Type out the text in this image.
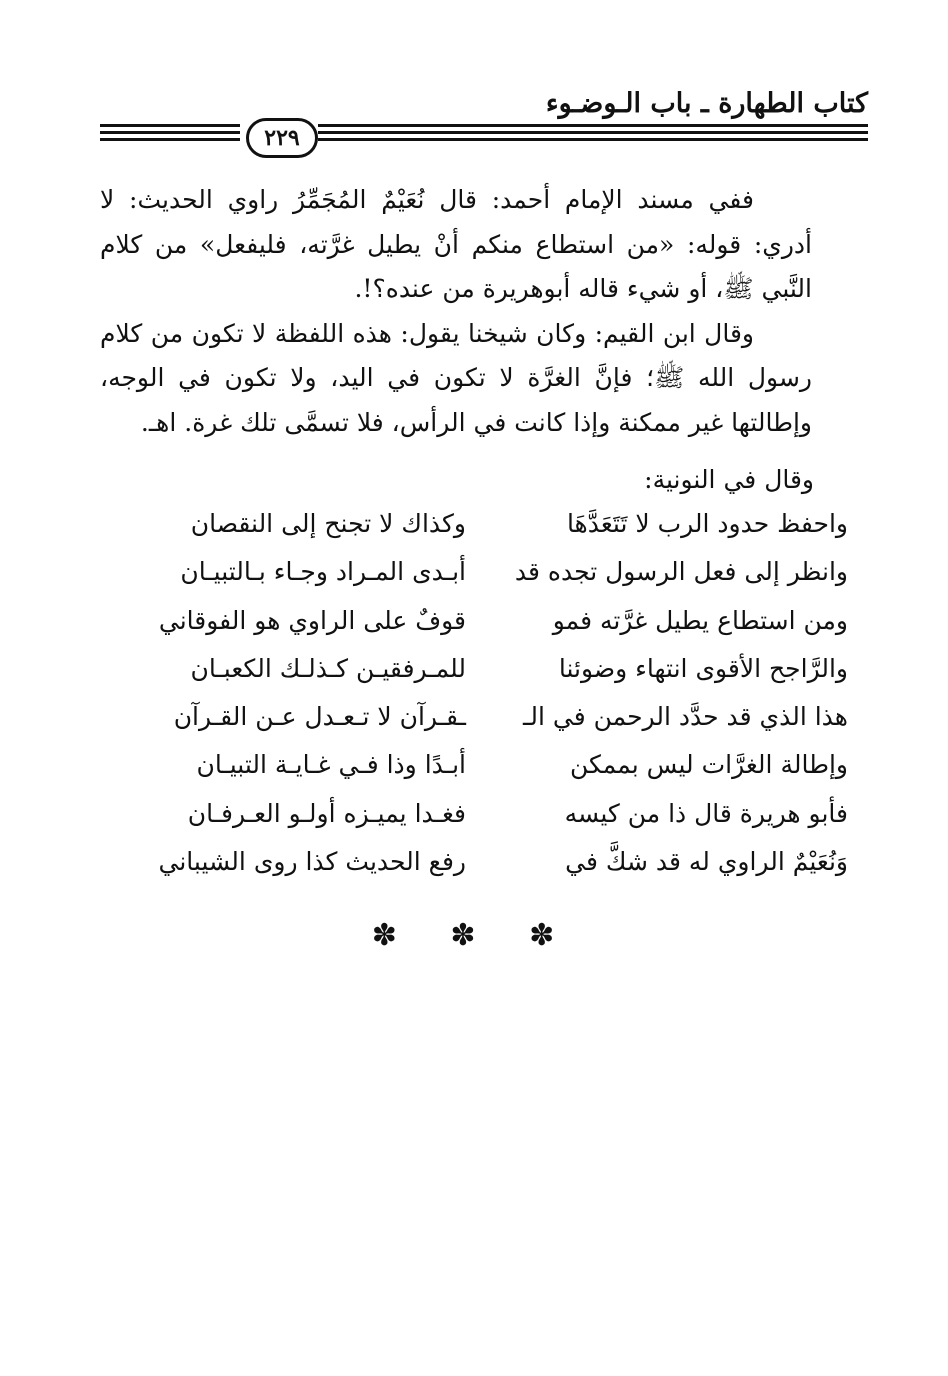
كتاب الطهارة ـ باب الـوضـوء
٢٢٩

ففي مسند الإمام أحمد: قال نُعَيْمٌ المُجَمِّرُ راوي الحديث: لا أدري: قوله: «من استطاع منكم أنْ يطيل غرَّته، فليفعل» من كلام النَّبي ﷺ، أو شيء قاله أبوهريرة من عنده؟!.

وقال ابن القيم: وكان شيخنا يقول: هذه اللفظة لا تكون من كلام رسول الله ﷺ؛ فإنَّ الغرَّة لا تكون في اليد، ولا تكون في الوجه، وإطالتها غير ممكنة وإذا كانت في الرأس، فلا تسمَّى تلك غرة. اهـ.

وقال في النونية:
واحفظ حدود الرب لا تَتَعَدَّهَا
وكذاك لا تجنح إلى النقصان
وانظر إلى فعل الرسول تجده قد
أبـدى المـراد وجـاء بـالتبيـان
ومن استطاع يطيل غرَّته فمو
قوفٌ على الراوي هو الفوقاني
والرَّاجح الأقوى انتهاء وضوئنا
للمـرفقيـن كـذلـك الكعبـان
هذا الذي قد حدَّد الرحمن في الـ
ـقـرآن لا تـعـدل عـن القـرآن
وإطالة الغرَّات ليس بممكن
أبـدًا وذا فـي غـايـة التبيـان
فأبو هريرة قال ذا من كيسه
فغـدا يميـزه أولـو العـرفـان
وَنُعَيْمٌ الراوي له قد شكَّ في
رفع الحديث كذا روى الشيباني
✽ ✽ ✽
